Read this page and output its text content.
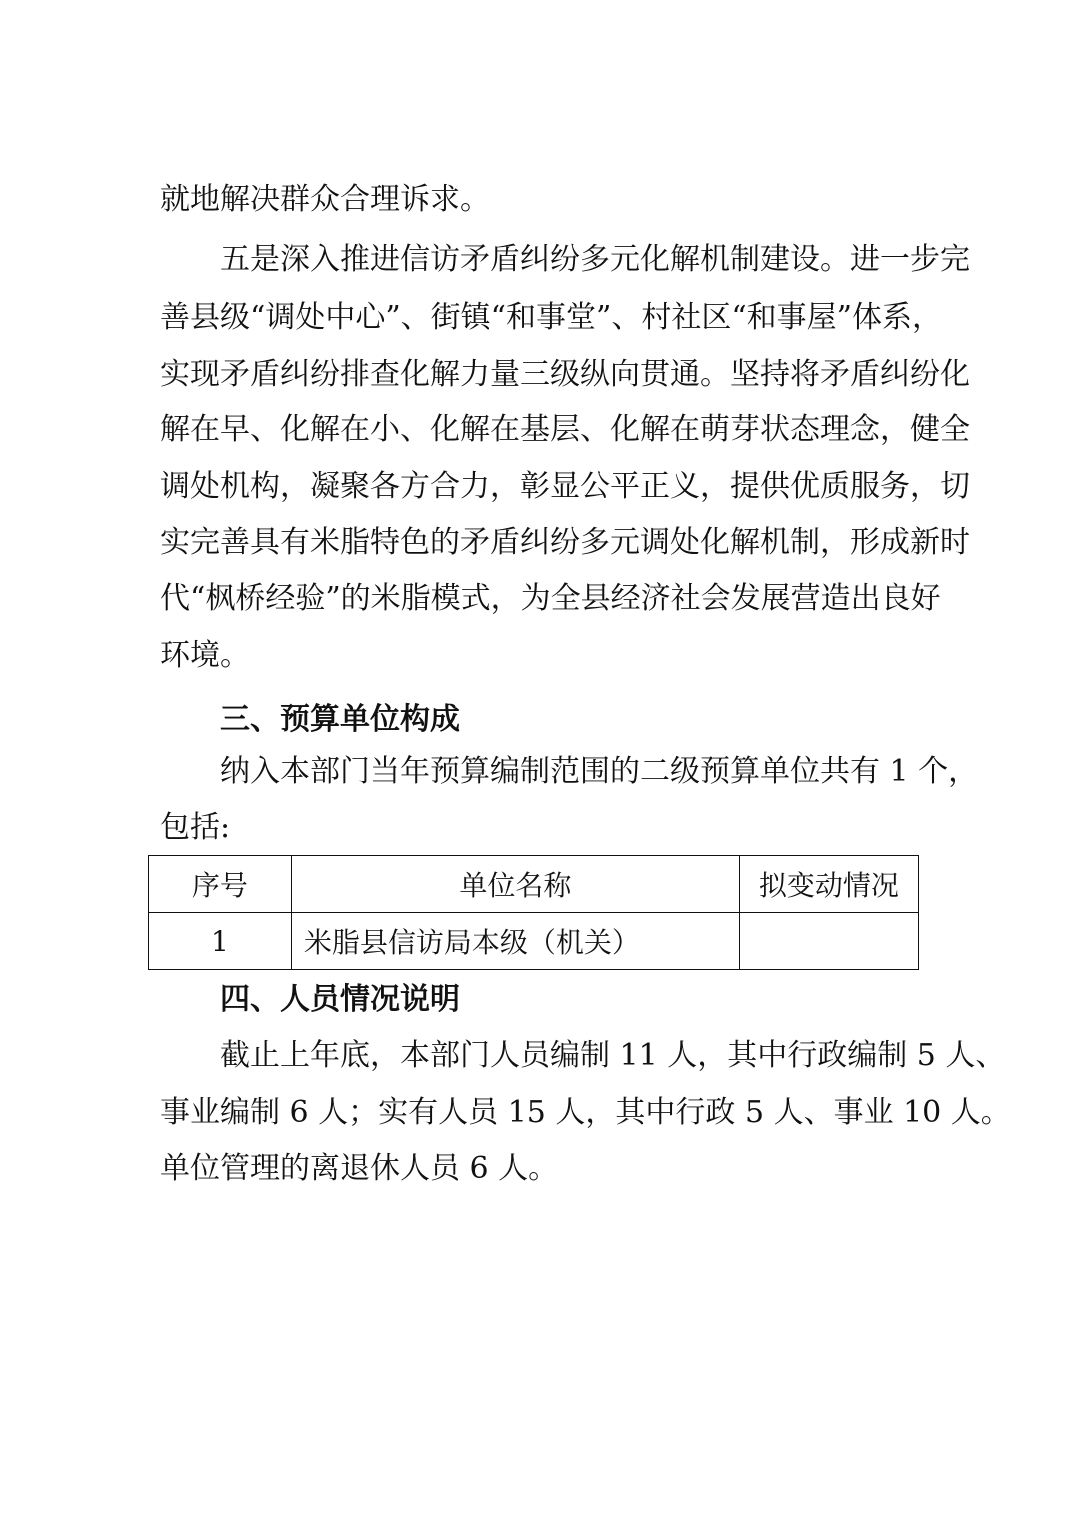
就地解决群众合理诉求。
五是深入推进信访矛盾纠纷多元化解机制建设。进一步完
善县级“调处中心”、街镇“和事堂”、村社区“和事屋”体系，
实现矛盾纠纷排查化解力量三级纵向贯通。坚持将矛盾纠纷化
解在早、化解在小、化解在基层、化解在萌芽状态理念，健全
调处机构，凝聚各方合力，彰显公平正义，提供优质服务，切
实完善具有米脂特色的矛盾纠纷多元调处化解机制，形成新时
代“枫桥经验”的米脂模式，为全县经济社会发展营造出良好
环境。
三、预算单位构成
纳入本部门当年预算编制范围的二级预算单位共有 1 个，
包括:
序号	单位名称	拟变动情况
1	米脂县信访局本级（机关）	
四、人员情况说明
截止上年底，本部门人员编制 11 人，其中行政编制 5 人、
事业编制 6 人；实有人员 15 人，其中行政 5 人、事业 10 人。
单位管理的离退休人员 6 人。
